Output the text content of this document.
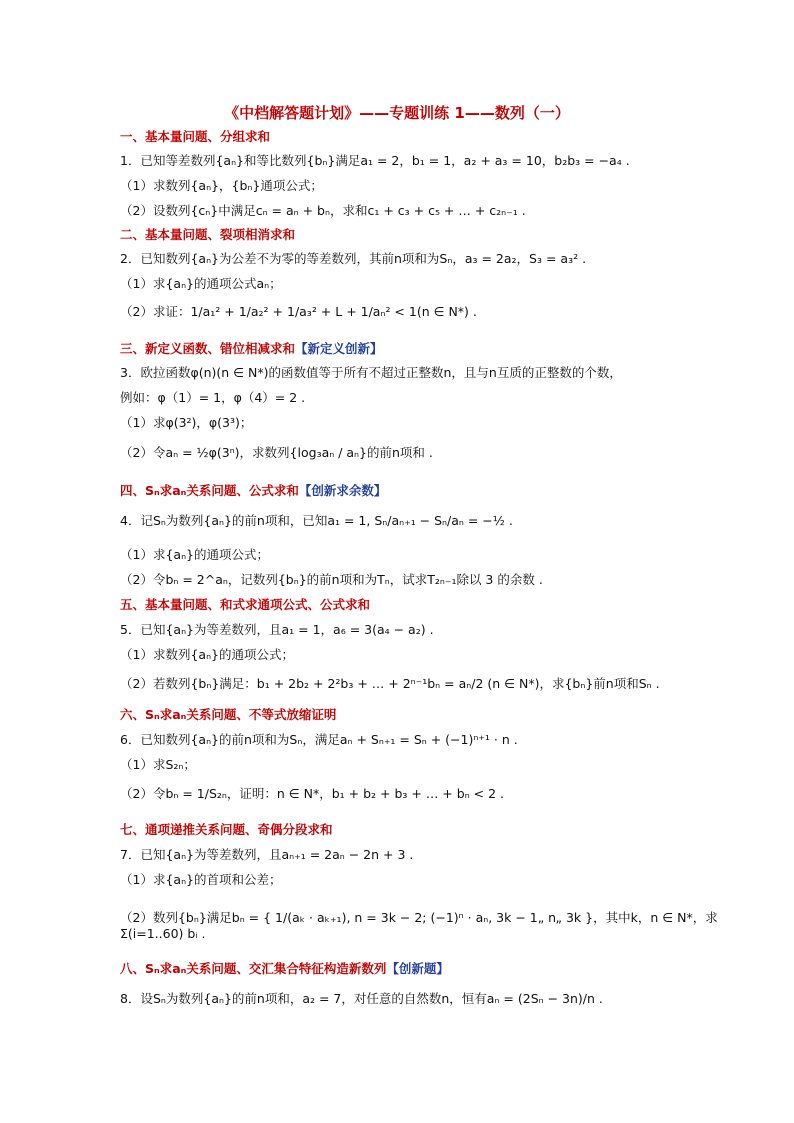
《中档解答题计划》——专题训练 1——数列（一）
一、基本量问题、分组求和
1．已知等差数列{aₙ}和等比数列{bₙ}满足a₁ = 2，b₁ = 1，a₂ + a₃ = 10，b₂b₃ = −a₄ .
（1）求数列{aₙ}，{bₙ}通项公式；
（2）设数列{cₙ}中满足cₙ = aₙ + bₙ，求和c₁ + c₃ + c₅ + … + c₂ₙ₋₁ .
二、基本量问题、裂项相消求和
2．已知数列{aₙ}为公差不为零的等差数列，其前n项和为Sₙ，a₃ = 2a₂，S₃ = a₃² .
（1）求{aₙ}的通项公式aₙ；
（2）求证：1/a₁² + 1/a₂² + 1/a₃² + L + 1/aₙ² < 1(n ∈ N*) .
三、新定义函数、错位相减求和【新定义创新】
3．欧拉函数φ(n)(n ∈ N*)的函数值等于所有不超过正整数n，且与n互质的正整数的个数，
例如：φ（1）= 1，φ（4）= 2 .
（1）求φ(3²)，φ(3³)；
（2）令aₙ = ½φ(3ⁿ)，求数列{log₃aₙ / aₙ}的前n项和 .
四、Sₙ求aₙ关系问题、公式求和【创新求余数】
4．记Sₙ为数列{aₙ}的前n项和，已知a₁ = 1, Sₙ/aₙ₊₁ − Sₙ/aₙ = −½ .
（1）求{aₙ}的通项公式；
（2）令bₙ = 2^aₙ，记数列{bₙ}的前n项和为Tₙ，试求T₂ₙ₋₁除以 3 的余数 .
五、基本量问题、和式求通项公式、公式求和
5．已知{aₙ}为等差数列，且a₁ = 1，a₆ = 3(a₄ − a₂) .
（1）求数列{aₙ}的通项公式；
（2）若数列{bₙ}满足：b₁ + 2b₂ + 2²b₃ + … + 2ⁿ⁻¹bₙ = aₙ/2 (n ∈ N*)，求{bₙ}前n项和Sₙ .
六、Sₙ求aₙ关系问题、不等式放缩证明
6．已知数列{aₙ}的前n项和为Sₙ，满足aₙ + Sₙ₊₁ = Sₙ + (−1)ⁿ⁺¹ · n .
（1）求S₂ₙ；
（2）令bₙ = 1/S₂ₙ，证明：n ∈ N*，b₁ + b₂ + b₃ + … + bₙ < 2 .
七、通项递推关系问题、奇偶分段求和
7．已知{aₙ}为等差数列，且aₙ₊₁ = 2aₙ − 2n + 3 .
（1）求{aₙ}的首项和公差；
（2）数列{bₙ}满足bₙ = { 1/(aₖ · aₖ₊₁), n = 3k − 2; (−1)ⁿ · aₙ, 3k − 1„ n„ 3k }，其中k，n ∈ N*，求 Σ(i=1..60) bᵢ .
八、Sₙ求aₙ关系问题、交汇集合特征构造新数列【创新题】
8．设Sₙ为数列{aₙ}的前n项和，a₂ = 7，对任意的自然数n，恒有aₙ = (2Sₙ − 3n)/n .
